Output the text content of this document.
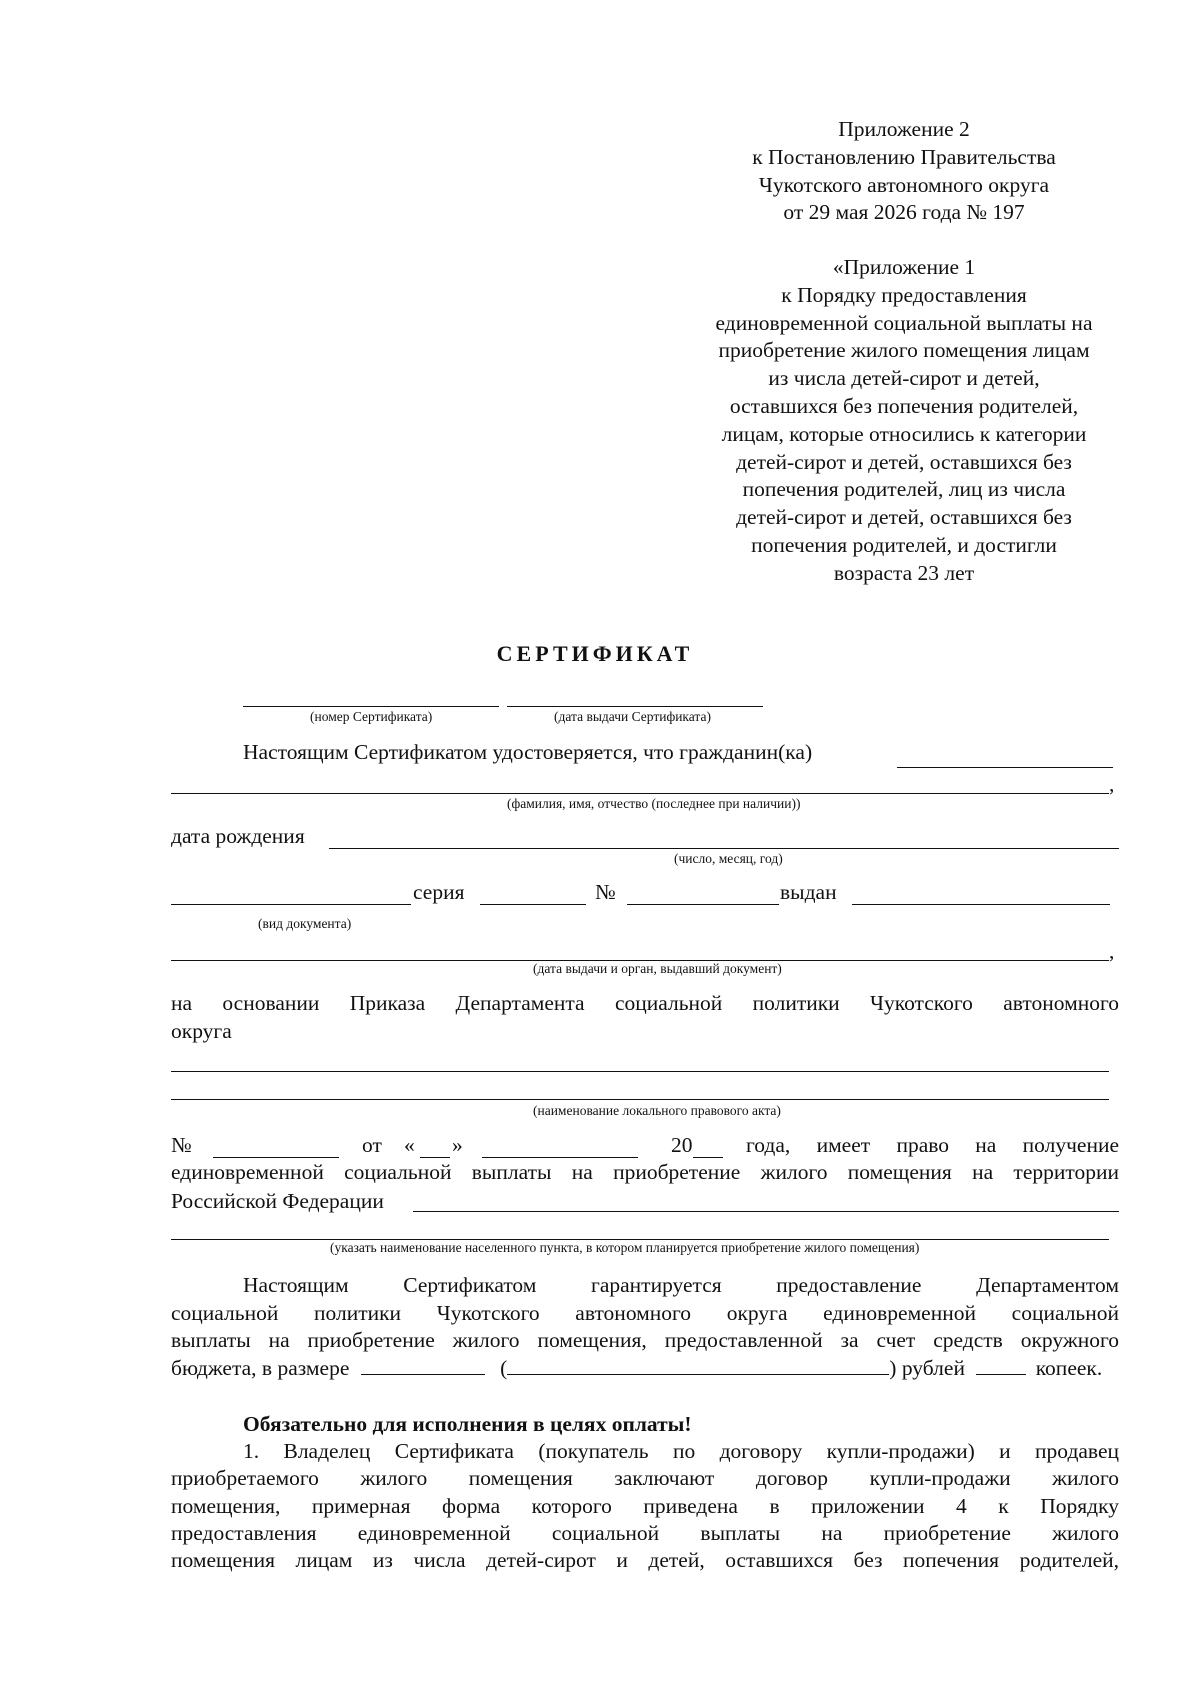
Приложение 2
к Постановлению Правительства
Чукотского автономного округа
от 29 мая 2026 года № 197
«Приложение 1
к Порядку предоставления
единовременной социальной выплаты на
приобретение жилого помещения лицам
из числа детей-сирот и детей,
оставшихся без попечения родителей,
лицам, которые относились к категории
детей-сирот и детей, оставшихся без
попечения родителей, лиц из числа
детей-сирот и детей, оставшихся без
попечения родителей, и достигли
возраста 23 лет
СЕРТИФИКАТ
(номер Сертификата)	(дата выдачи Сертификата)
Настоящим Сертификатом удостоверяется, что гражданин(ка)
,
(фамилия, имя, отчество (последнее при наличии))
дата рождения
(число, месяц, год)
серия	№	выдан
(вид документа)
,
(дата выдачи и орган, выдавший документ)
на основании Приказа Департамента социальной политики Чукотского автономного
округа
(наименование локального правового акта)
№	от « »	20 года, имеет право на получение
единовременной социальной выплаты на приобретение жилого помещения на территории
Российской Федерации
(указать наименование населенного пункта, в котором планируется приобретение жилого помещения)
Настоящим Сертификатом гарантируется предоставление Департаментом
социальной политики Чукотского автономного округа единовременной социальной
выплаты на приобретение жилого помещения, предоставленной за счет средств окружного
бюджета, в размере	(	) рублей	копеек.
Обязательно для исполнения в целях оплаты!
1. Владелец Сертификата (покупатель по договору купли-продажи) и продавец
приобретаемого жилого помещения заключают договор купли-продажи жилого
помещения, примерная форма которого приведена в приложении 4 к Порядку
предоставления единовременной социальной выплаты на приобретение жилого
помещения лицам из числа детей-сирот и детей, оставшихся без попечения родителей,
